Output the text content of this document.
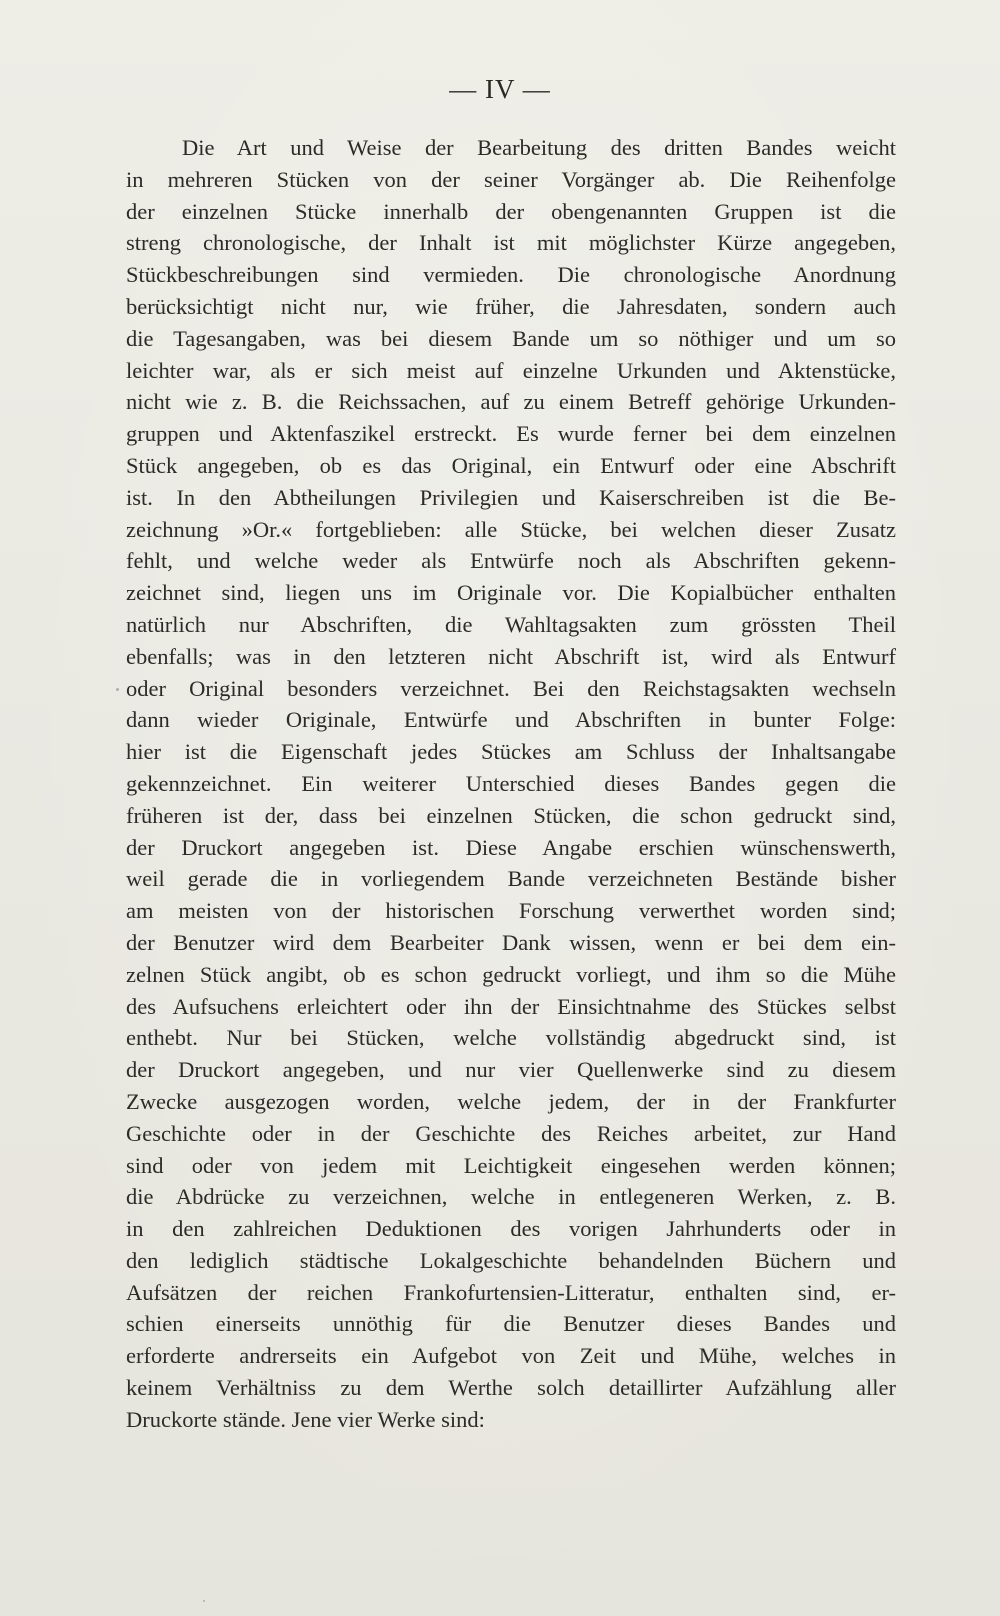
— IV —
Die Art und Weise der Bearbeitung des dritten Bandes weicht
in mehreren Stücken von der seiner Vorgänger ab. Die Reihenfolge
der einzelnen Stücke innerhalb der obengenannten Gruppen ist die
streng chronologische, der Inhalt ist mit möglichster Kürze angegeben,
Stückbeschreibungen sind vermieden. Die chronologische Anordnung
berücksichtigt nicht nur, wie früher, die Jahresdaten, sondern auch
die Tagesangaben, was bei diesem Bande um so nöthiger und um so
leichter war, als er sich meist auf einzelne Urkunden und Aktenstücke,
nicht wie z. B. die Reichssachen, auf zu einem Betreff gehörige Urkunden-
gruppen und Aktenfaszikel erstreckt. Es wurde ferner bei dem einzelnen
Stück angegeben, ob es das Original, ein Entwurf oder eine Abschrift
ist. In den Abtheilungen Privilegien und Kaiserschreiben ist die Be-
zeichnung »Or.« fortgeblieben: alle Stücke, bei welchen dieser Zusatz
fehlt, und welche weder als Entwürfe noch als Abschriften gekenn-
zeichnet sind, liegen uns im Originale vor. Die Kopialbücher enthalten
natürlich nur Abschriften, die Wahltagsakten zum grössten Theil
ebenfalls; was in den letzteren nicht Abschrift ist, wird als Entwurf
oder Original besonders verzeichnet. Bei den Reichstagsakten wechseln
dann wieder Originale, Entwürfe und Abschriften in bunter Folge:
hier ist die Eigenschaft jedes Stückes am Schluss der Inhaltsangabe
gekennzeichnet. Ein weiterer Unterschied dieses Bandes gegen die
früheren ist der, dass bei einzelnen Stücken, die schon gedruckt sind,
der Druckort angegeben ist. Diese Angabe erschien wünschenswerth,
weil gerade die in vorliegendem Bande verzeichneten Bestände bisher
am meisten von der historischen Forschung verwerthet worden sind;
der Benutzer wird dem Bearbeiter Dank wissen, wenn er bei dem ein-
zelnen Stück angibt, ob es schon gedruckt vorliegt, und ihm so die Mühe
des Aufsuchens erleichtert oder ihn der Einsichtnahme des Stückes selbst
enthebt. Nur bei Stücken, welche vollständig abgedruckt sind, ist
der Druckort angegeben, und nur vier Quellenwerke sind zu diesem
Zwecke ausgezogen worden, welche jedem, der in der Frankfurter
Geschichte oder in der Geschichte des Reiches arbeitet, zur Hand
sind oder von jedem mit Leichtigkeit eingesehen werden können;
die Abdrücke zu verzeichnen, welche in entlegeneren Werken, z. B.
in den zahlreichen Deduktionen des vorigen Jahrhunderts oder in
den lediglich städtische Lokalgeschichte behandelnden Büchern und
Aufsätzen der reichen Frankofurtensien-Litteratur, enthalten sind, er-
schien einerseits unnöthig für die Benutzer dieses Bandes und
erforderte andrerseits ein Aufgebot von Zeit und Mühe, welches in
keinem Verhältniss zu dem Werthe solch detaillirter Aufzählung aller
Druckorte stände. Jene vier Werke sind:
